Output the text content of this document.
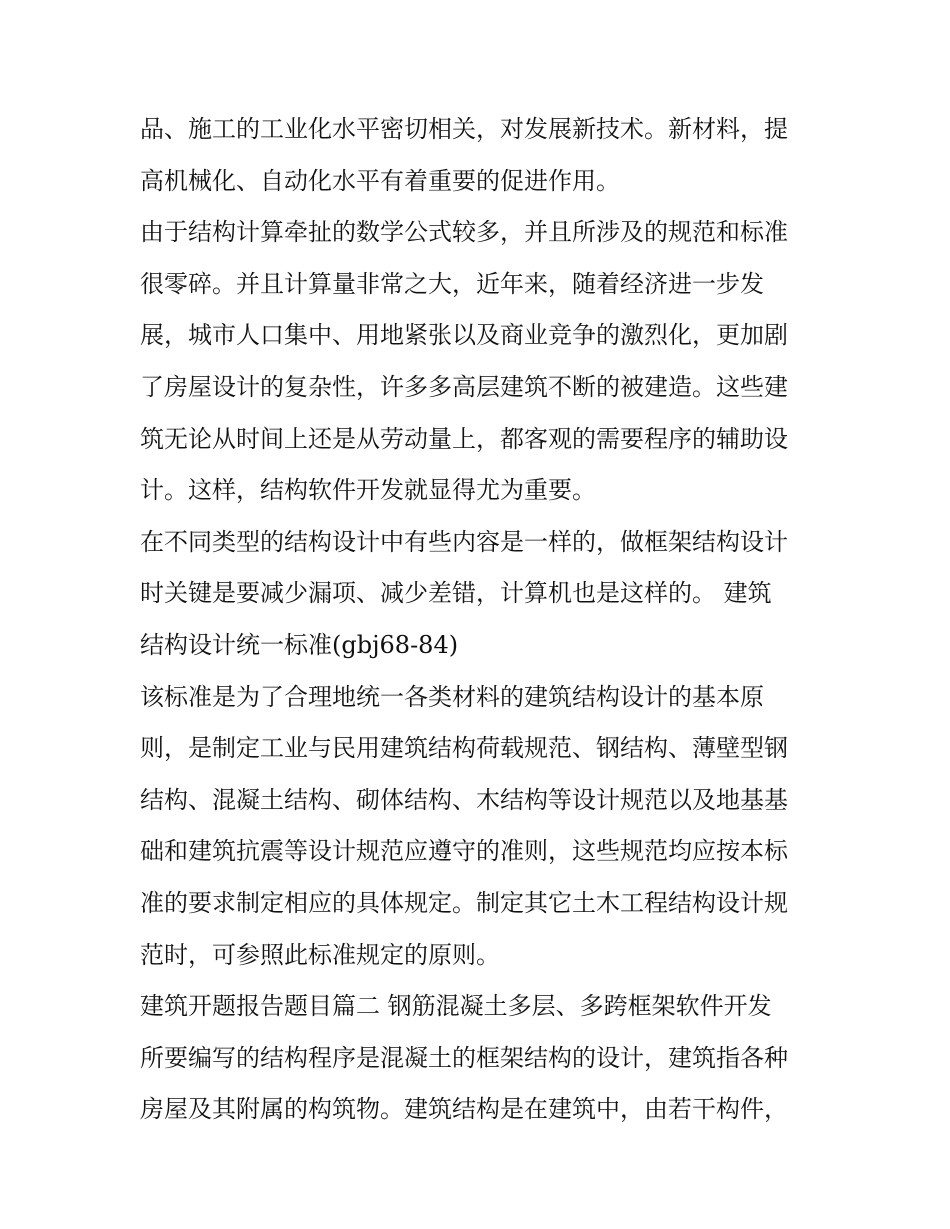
品、施工的工业化水平密切相关，对发展新技术。新材料，提
高机械化、自动化水平有着重要的促进作用。

由于结构计算牵扯的数学公式较多，并且所涉及的规范和标准
很零碎。并且计算量非常之大，近年来，随着经济进一步发
展，城市人口集中、用地紧张以及商业竞争的激烈化，更加剧
了房屋设计的复杂性，许多多高层建筑不断的被建造。这些建
筑无论从时间上还是从劳动量上，都客观的需要程序的辅助设
计。这样，结构软件开发就显得尤为重要。

在不同类型的结构设计中有些内容是一样的，做框架结构设计
时关键是要减少漏项、减少差错，计算机也是这样的。 建筑
结构设计统一标准(gbj68-84)

该标准是为了合理地统一各类材料的建筑结构设计的基本原
则，是制定工业与民用建筑结构荷载规范、钢结构、薄壁型钢
结构、混凝土结构、砌体结构、木结构等设计规范以及地基基
础和建筑抗震等设计规范应遵守的准则，这些规范均应按本标
准的要求制定相应的具体规定。制定其它土木工程结构设计规
范时，可参照此标准规定的原则。

建筑开题报告题目篇二 钢筋混凝土多层、多跨框架软件开发

所要编写的结构程序是混凝土的框架结构的设计，建筑指各种
房屋及其附属的构筑物。建筑结构是在建筑中，由若干构件，
